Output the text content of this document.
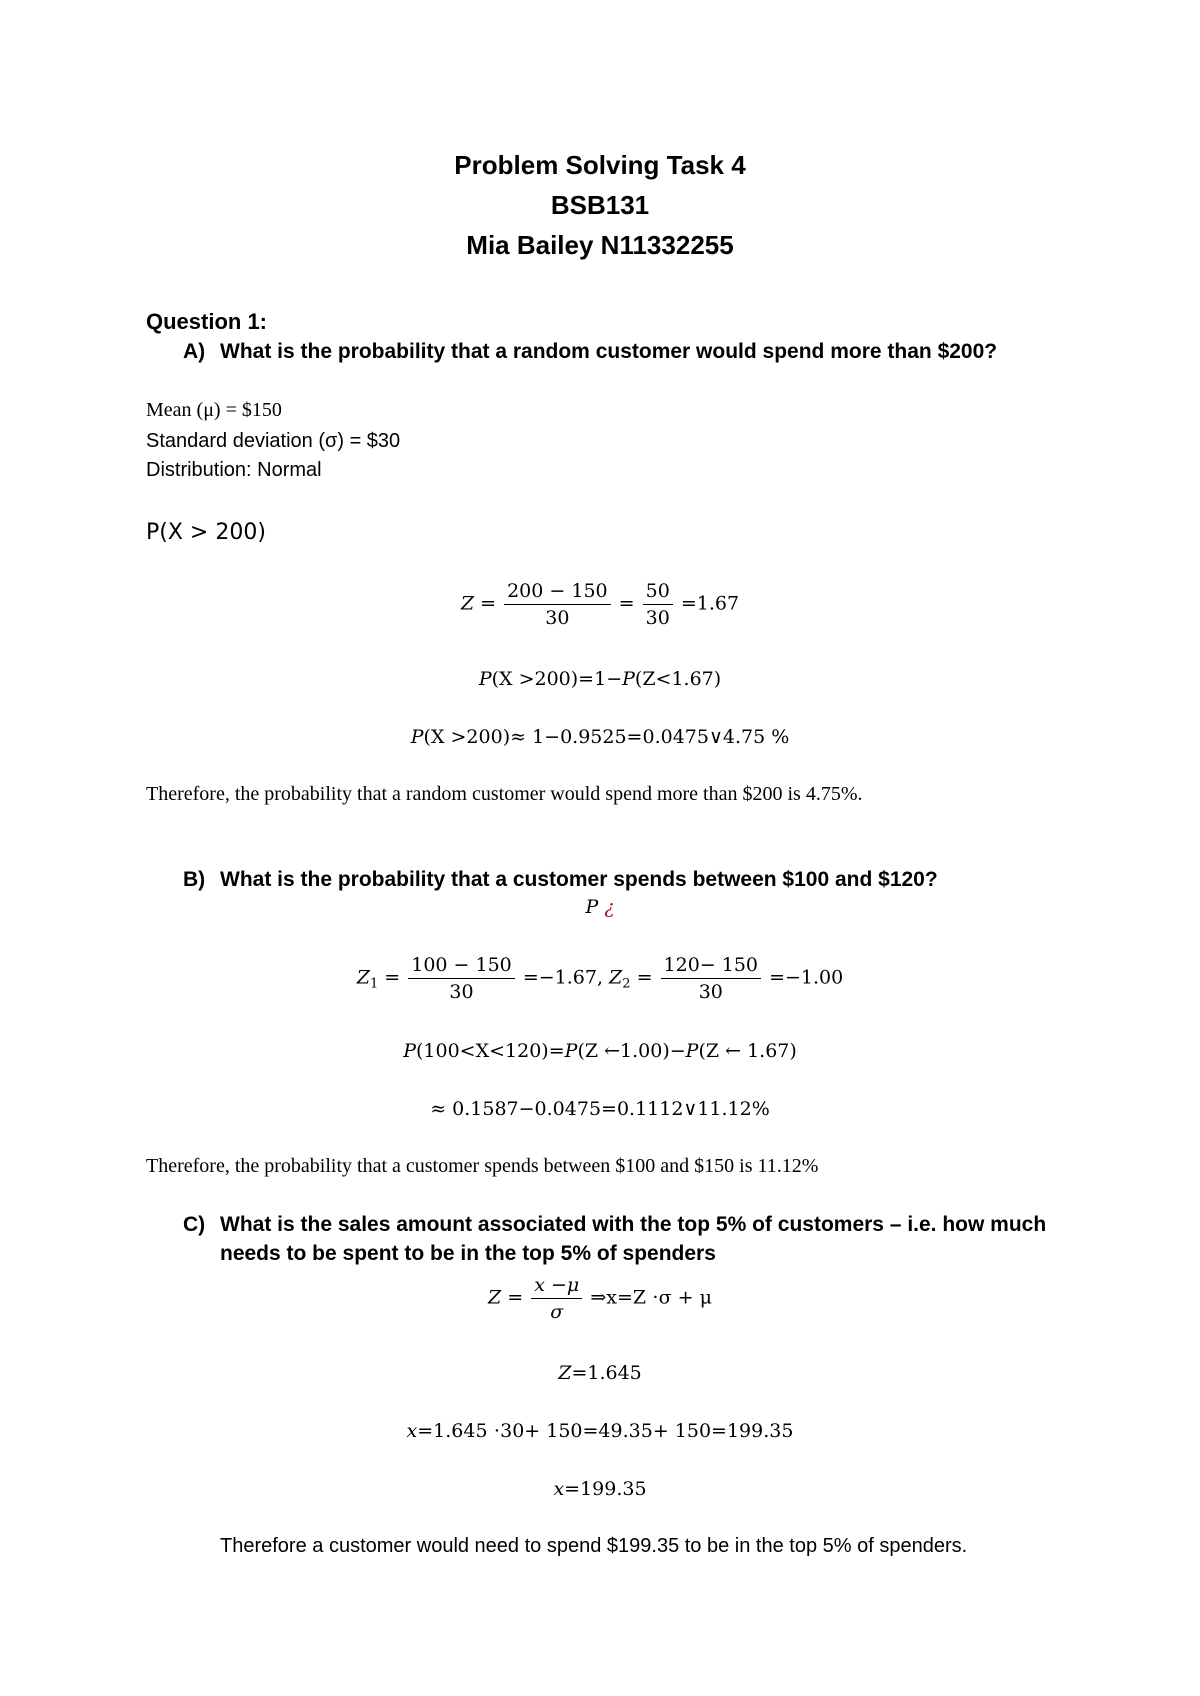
Problem Solving Task 4
BSB131
Mia Bailey N11332255
Question 1:
A) What is the probability that a random customer would spend more than $200?
Mean (μ) = $150
Standard deviation (σ) = $30
Distribution: Normal
P(X > 200)
$Z = \frac{200 - 150}{30} = \frac{50}{30} =1.67$
P(X >200)=1−P(Z<1.67)
P(X >200)≈ 1−0.9525=0.0475∨4.75 %
Therefore, the probability that a random customer would spend more than $200 is 4.75%.
B) What is the probability that a customer spends between $100 and $120?
P ¿
$Z_1 = \frac{100 - 150}{30} =-1.67$, $Z_2 = \frac{120- 150}{30} =-1.00$
P(100<X<120)=P(Z ←1.00)−P(Z ← 1.67)
≈ 0.1587−0.0475=0.1112∨11.12%
Therefore, the probability that a customer spends between $100 and $150 is 11.12%
C) What is the sales amount associated with the top 5% of customers – i.e. how much
needs to be spent to be in the top 5% of spenders
$Z = \frac{x -\mu}{\sigma}$ ⇒x=Z ⋅σ + μ
Z=1.645
x=1.645 ⋅30+ 150=49.35+ 150=199.35
x=199.35
Therefore a customer would need to spend $199.35 to be in the top 5% of spenders.
